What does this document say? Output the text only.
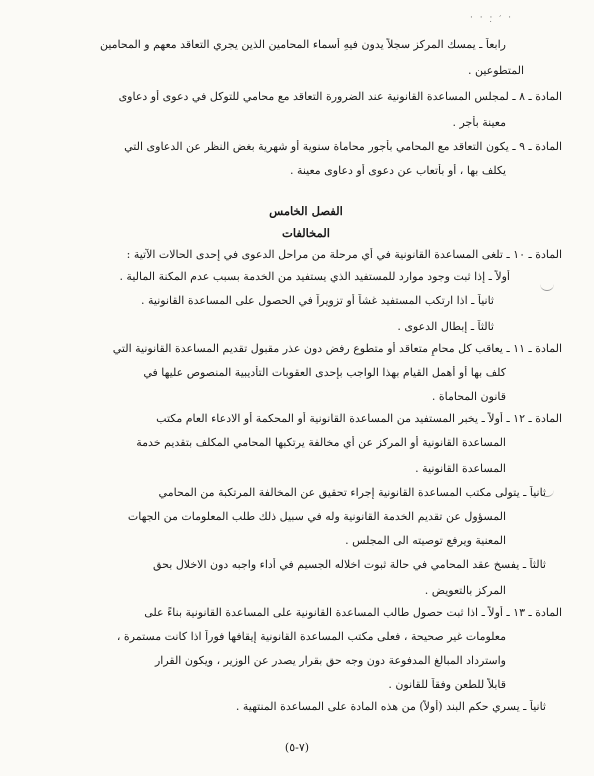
· · ·̣ ׳ ·

رابعاً ـ يمسك المركز سجلاً يدون فيهِ أسماء المحامين الذين يجري التعاقد معهم و المحامين

المتطوعين .

المادة ـ ٨ ـ لمجلس المساعدة القانونية عند الضرورة التعاقد مع محامي للتوكل في دعوى أو دعاوى

معينة بأجر .

المادة ـ ٩ ـ يكون التعاقد مع المحامي بأجور محاماة سنوية أو شهرية بغض النظر عن الدعاوى التي

يكلف بها ، أو بأتعاب عن دعوى أو دعاوى معينة .

الفصل الخامس

المخالفات

المادة ـ ١٠ ـ تلغى المساعدة القانونية في أي مرحلة من مراحل الدعوى في إحدى الحالات الآتية :

أولاً ـ إذا ثبت وجود موارد للمستفيد الذي يستفيد من الخدمة بسبب عدم المكنة المالية .

ثانياً ـ اذا ارتكب المستفيد غشاً أو تزويراً في الحصول على المساعدة القانونية .

ثالثاً ـ إبطال الدعوى .

المادة ـ ١١ ـ يعاقب كل محامٍ متعاقد أو متطوع رفض دون عذر مقبول تقديم المساعدة القانونية التي

كلف بها أو أهمل القيام بهذا الواجب بإحدى العقوبات التأديبية المنصوص عليها في

قانون المحاماة .

المادة ـ ١٢ ـ أولاً ـ يخبر المستفيد من المساعدة القانونية أو المحكمة أو الادعاء العام مكتب

المساعدة القانونية أو المركز عن أي مخالفة يرتكبها المحامي المكلف بتقديم خدمة

المساعدة القانونية .

ثانياً ـ يتولى مكتب المساعدة القانونية إجراء تحقيق عن المخالفة المرتكبة من المحامي

المسؤول عن تقديم الخدمة القانونية وله في سبيل ذلك طلب المعلومات من الجهات

المعنية ويرفع توصيته الى المجلس .

ثالثاً ـ يفسخ عقد المحامي في حالة ثبوت اخلاله الجسيم في أداء واجبه دون الاخلال بحق

المركز بالتعويض .

المادة ـ ١٣ ـ أولاً ـ اذا ثبت حصول طالب المساعدة القانونية على المساعدة القانونية بناءً على

معلومات غير صحيحة ، فعلى مكتب المساعدة القانونية إيقافها فوراً اذا كانت مستمرة ،

واسترداد المبالغ المدفوعة دون وجه حق بقرار يصدر عن الوزير ، ويكون القرار

قابلاً للطعن وفقاً للقانون .

ثانياً ـ يسري حكم البند (أولاً) من هذه المادة على المساعدة المنتهية .

(٧-٥)
